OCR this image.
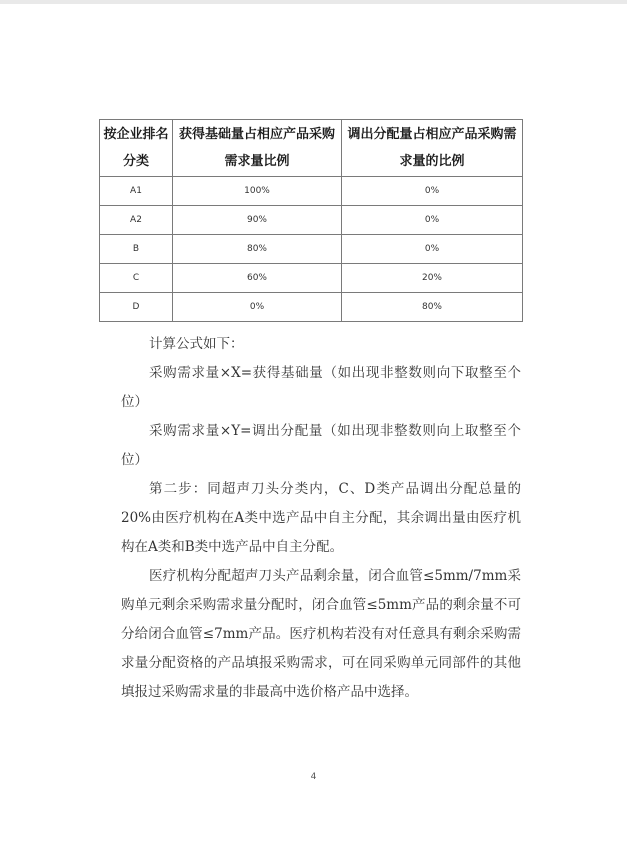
按企业排名分类	获得基础量占相应产品采购需求量比例	调出分配量占相应产品采购需求量的比例
A1	100%	0%
A2	90%	0%
B	80%	0%
C	60%	20%
D	0%	80%

计算公式如下：

采购需求量×X=获得基础量（如出现非整数则向下取整至个位）

采购需求量×Y=调出分配量（如出现非整数则向上取整至个位）

第二步：同超声刀头分类内，C、D类产品调出分配总量的20%由医疗机构在A类中选产品中自主分配，其余调出量由医疗机构在A类和B类中选产品中自主分配。

医疗机构分配超声刀头产品剩余量，闭合血管≤5mm/7mm采购单元剩余采购需求量分配时，闭合血管≤5mm产品的剩余量不可分给闭合血管≤7mm产品。医疗机构若没有对任意具有剩余采购需求量分配资格的产品填报采购需求，可在同采购单元同部件的其他填报过采购需求量的非最高中选价格产品中选择。

4
